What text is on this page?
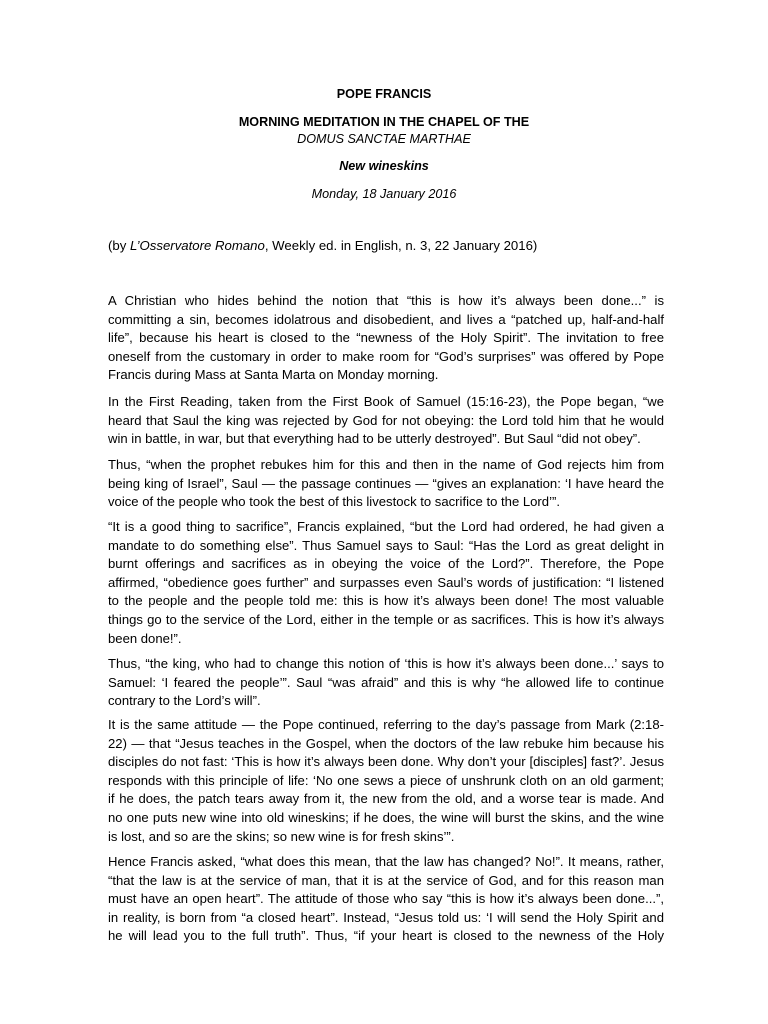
POPE FRANCIS
MORNING MEDITATION IN THE CHAPEL OF THE
DOMUS SANCTAE MARTHAE
New wineskins
Monday, 18 January 2016
(by L’Osservatore Romano, Weekly ed. in English, n. 3, 22 January 2016)
A Christian who hides behind the notion that “this is how it’s always been done...” is
committing a sin, becomes idolatrous and disobedient, and lives a “patched up, half-and-half
life”, because his heart is closed to the “newness of the Holy Spirit”. The invitation to free
oneself from the customary in order to make room for “God’s surprises” was offered by Pope
Francis during Mass at Santa Marta on Monday morning.
In the First Reading, taken from the First Book of Samuel (15:16-23), the Pope began, “we
heard that Saul the king was rejected by God for not obeying: the Lord told him that he would
win in battle, in war, but that everything had to be utterly destroyed”. But Saul “did not obey”.
Thus, “when the prophet rebukes him for this and then in the name of God rejects him from
being king of Israel”, Saul — the passage continues — “gives an explanation: ‘I have heard the
voice of the people who took the best of this livestock to sacrifice to the Lord’”.
“It is a good thing to sacrifice”, Francis explained, “but the Lord had ordered, he had given a
mandate to do something else”. Thus Samuel says to Saul: “Has the Lord as great delight in
burnt offerings and sacrifices as in obeying the voice of the Lord?”. Therefore, the Pope
affirmed, “obedience goes further” and surpasses even Saul’s words of justification: “I listened
to the people and the people told me: this is how it’s always been done! The most valuable
things go to the service of the Lord, either in the temple or as sacrifices. This is how it’s always
been done!”.
Thus, “the king, who had to change this notion of ‘this is how it’s always been done...’ says to
Samuel: ‘I feared the people’”. Saul “was afraid” and this is why “he allowed life to continue
contrary to the Lord’s will”.
It is the same attitude — the Pope continued, referring to the day’s passage from Mark (2:18-
22) — that “Jesus teaches in the Gospel, when the doctors of the law rebuke him because his
disciples do not fast: ‘This is how it’s always been done. Why don’t your [disciples] fast?’. Jesus
responds with this principle of life: ‘No one sews a piece of unshrunk cloth on an old garment;
if he does, the patch tears away from it, the new from the old, and a worse tear is made. And
no one puts new wine into old wineskins; if he does, the wine will burst the skins, and the wine
is lost, and so are the skins; so new wine is for fresh skins’”.
Hence Francis asked, “what does this mean, that the law has changed? No!”. It means, rather,
“that the law is at the service of man, that it is at the service of God, and for this reason man
must have an open heart”. The attitude of those who say “this is how it’s always been done...”,
in reality, is born from “a closed heart”. Instead, “Jesus told us: ‘I will send the Holy Spirit and
he will lead you to the full truth”. Thus, “if your heart is closed to the newness of the Holy
